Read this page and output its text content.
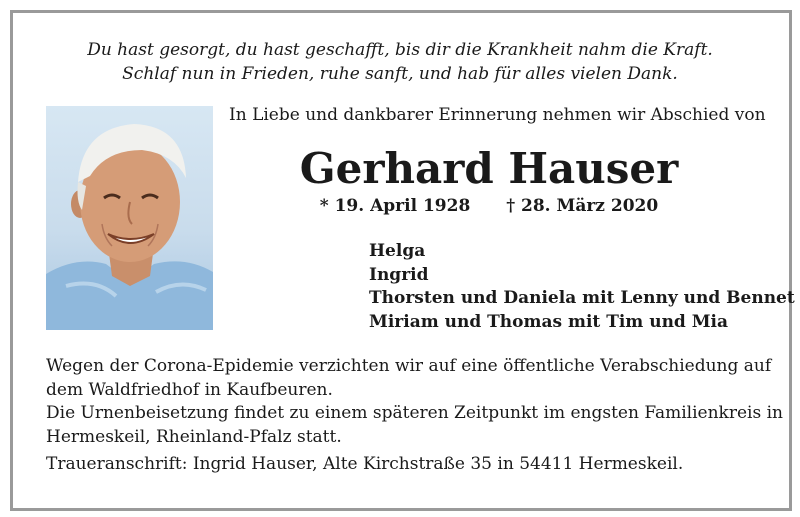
Du hast gesorgt, du hast geschafft, bis dir die Krankheit nahm die Kraft.
Schlaf nun in Frieden, ruhe sanft, und hab für alles vielen Dank.
In Liebe und dankbarer Erinnerung nehmen wir Abschied von
Gerhard Hauser
* 19. April 1928 † 28. März 2020
Helga
Ingrid
Thorsten und Daniela mit Lenny und Bennet
Miriam und Thomas mit Tim und Mia
Wegen der Corona-Epidemie verzichten wir auf eine öffentliche Verabschiedung auf
dem Waldfriedhof in Kaufbeuren.
Die Urnenbeisetzung findet zu einem späteren Zeitpunkt im engsten Familienkreis in
Hermeskeil, Rheinland-Pfalz statt.
Traueranschrift: Ingrid Hauser, Alte Kirchstraße 35 in 54411 Hermeskeil.
